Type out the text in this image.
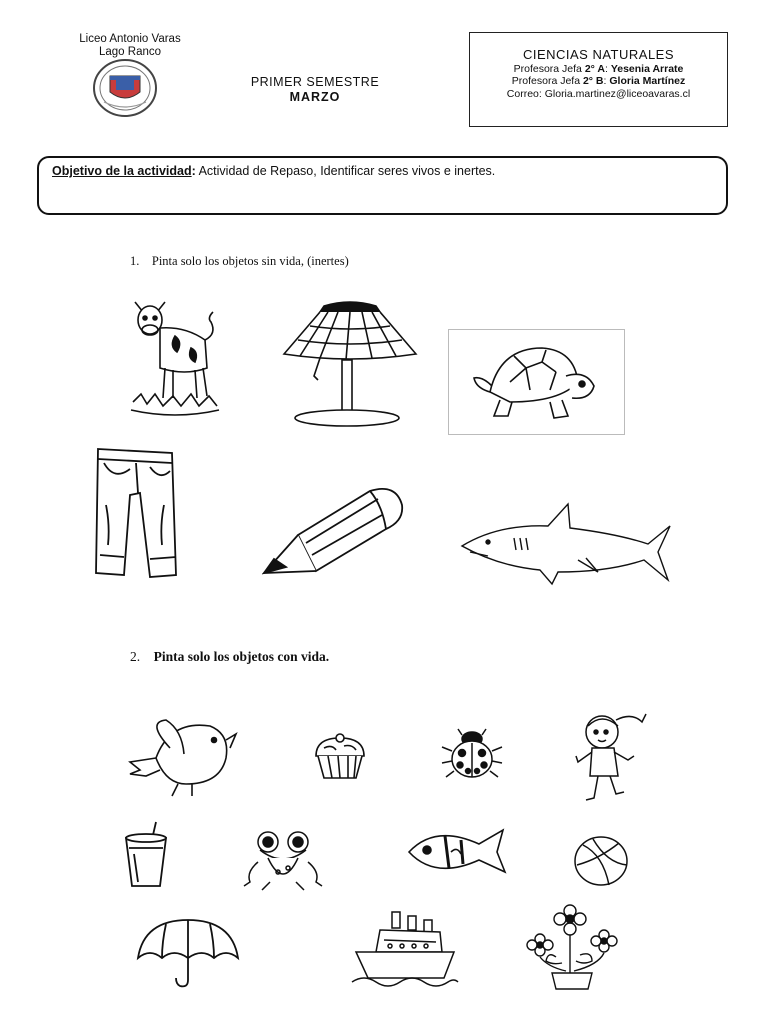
Liceo Antonio Varas
Lago Ranco
PRIMER SEMESTRE
MARZO
CIENCIAS NATURALES
Profesora Jefa 2° A: Yesenia Arrate
Profesora Jefa 2° B: Gloria Martínez
Correo: Gloria.martinez@liceoavaras.cl
Objetivo de la actividad: Actividad de Repaso, Identificar seres vivos e inertes.
1. Pinta solo los objetos sin vida, (inertes)
2. Pinta solo los objetos con vida.
